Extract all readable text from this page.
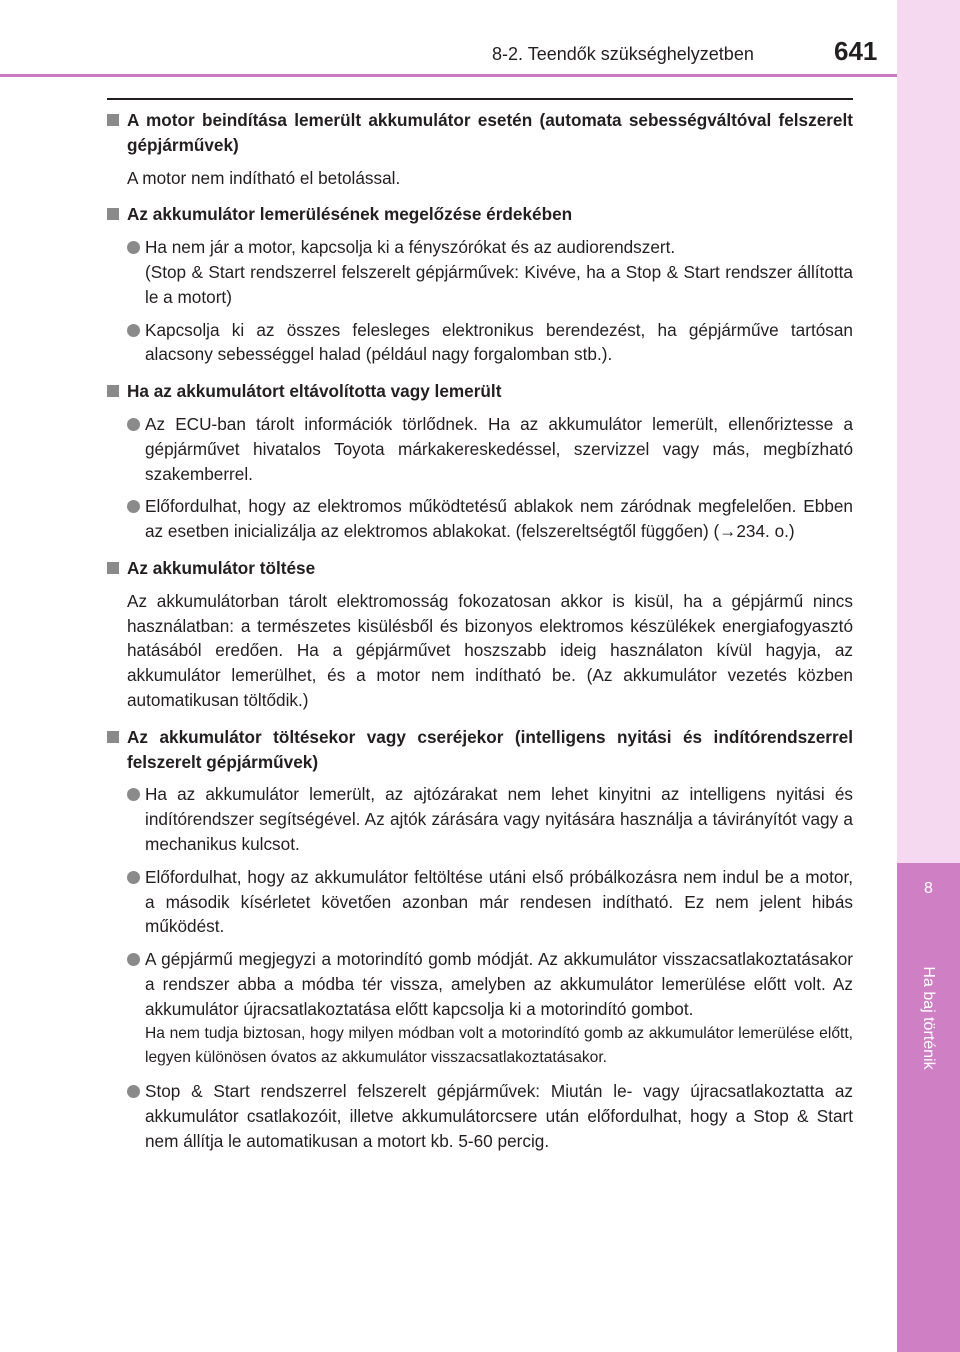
8
Ha baj történik
8-2. Teendők szükséghelyzetben	641
A motor beindítása lemerült akkumulátor esetén (automata sebességváltóval felszerelt gépjárművek)
A motor nem indítható el betolással.
Az akkumulátor lemerülésének megelőzése érdekében
Ha nem jár a motor, kapcsolja ki a fényszórókat és az audiorendszert.
(Stop & Start rendszerrel felszerelt gépjárművek: Kivéve, ha a Stop & Start rendszer állította le a motort)
Kapcsolja ki az összes felesleges elektronikus berendezést, ha gépjárműve tartósan alacsony sebességgel halad (például nagy forgalomban stb.).
Ha az akkumulátort eltávolította vagy lemerült
Az ECU-ban tárolt információk törlődnek. Ha az akkumulátor lemerült, ellenőriztesse a gépjárművet hivatalos Toyota márkakereskedéssel, szervizzel vagy más, megbízható szakemberrel.
Előfordulhat, hogy az elektromos működtetésű ablakok nem záródnak megfelelően. Ebben az esetben inicializálja az elektromos ablakokat. (felszereltségtől függően) (→234. o.)
Az akkumulátor töltése
Az akkumulátorban tárolt elektromosság fokozatosan akkor is kisül, ha a gépjármű nincs használatban: a természetes kisülésből és bizonyos elektromos készülékek energiafogyasztó hatásából eredően. Ha a gépjárművet hoszszabb ideig használaton kívül hagyja, az akkumulátor lemerülhet, és a motor nem indítható be. (Az akkumulátor vezetés közben automatikusan töltődik.)
Az akkumulátor töltésekor vagy cseréjekor (intelligens nyitási és indítórendszerrel felszerelt gépjárművek)
Ha az akkumulátor lemerült, az ajtózárakat nem lehet kinyitni az intelligens nyitási és indítórendszer segítségével. Az ajtók zárására vagy nyitására használja a távirányítót vagy a mechanikus kulcsot.
Előfordulhat, hogy az akkumulátor feltöltése utáni első próbálkozásra nem indul be a motor, a második kísérletet követően azonban már rendesen indítható. Ez nem jelent hibás működést.
A gépjármű megjegyzi a motorindító gomb módját. Az akkumulátor visszacsatlakoztatásakor a rendszer abba a módba tér vissza, amelyben az akkumulátor lemerülése előtt volt. Az akkumulátor újracsatlakoztatása előtt kapcsolja ki a motorindító gombot.
Ha nem tudja biztosan, hogy milyen módban volt a motorindító gomb az akkumulátor lemerülése előtt, legyen különösen óvatos az akkumulátor visszacsatlakoztatásakor.
Stop & Start rendszerrel felszerelt gépjárművek: Miután le- vagy újracsatlakoztatta az akkumulátor csatlakozóit, illetve akkumulátorcsere után előfordulhat, hogy a Stop & Start nem állítja le automatikusan a motort kb. 5-60 percig.
